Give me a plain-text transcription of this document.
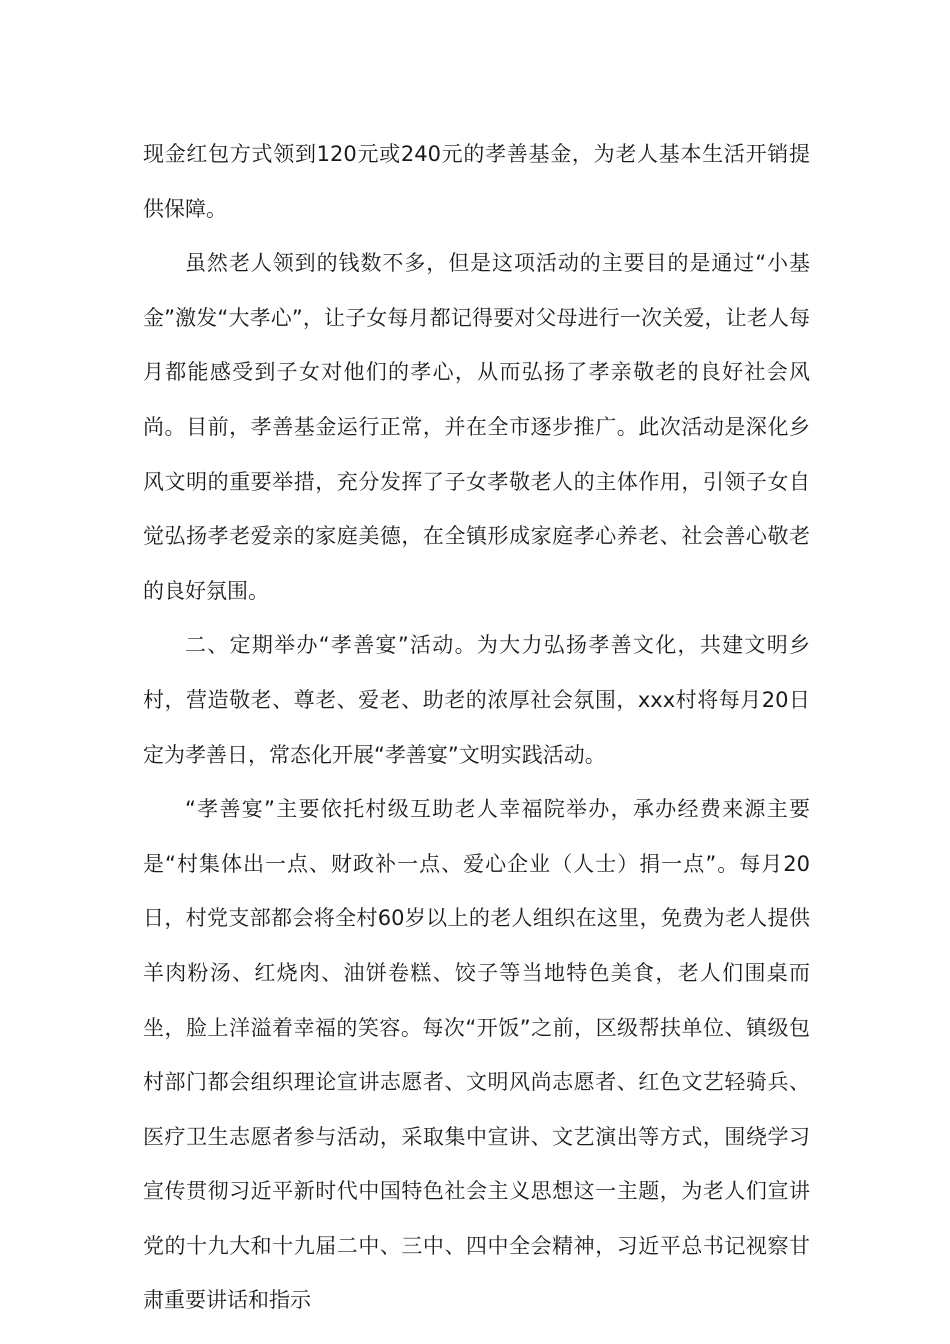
现金红包方式领到120元或240元的孝善基金，为老人基本生活开销提供保障。

虽然老人领到的钱数不多，但是这项活动的主要目的是通过“小基金”激发“大孝心”，让子女每月都记得要对父母进行一次关爱，让老人每月都能感受到子女对他们的孝心，从而弘扬了孝亲敬老的良好社会风尚。目前，孝善基金运行正常，并在全市逐步推广。此次活动是深化乡风文明的重要举措，充分发挥了子女孝敬老人的主体作用，引领子女自觉弘扬孝老爱亲的家庭美德，在全镇形成家庭孝心养老、社会善心敬老的良好氛围。

二、定期举办“孝善宴”活动。为大力弘扬孝善文化，共建文明乡村，营造敬老、尊老、爱老、助老的浓厚社会氛围，xxx村将每月20日定为孝善日，常态化开展“孝善宴”文明实践活动。

“孝善宴”主要依托村级互助老人幸福院举办，承办经费来源主要是“村集体出一点、财政补一点、爱心企业（人士）捐一点”。每月20日，村党支部都会将全村60岁以上的老人组织在这里，免费为老人提供羊肉粉汤、红烧肉、油饼卷糕、饺子等当地特色美食，老人们围桌而坐，脸上洋溢着幸福的笑容。每次“开饭”之前，区级帮扶单位、镇级包村部门都会组织理论宣讲志愿者、文明风尚志愿者、红色文艺轻骑兵、医疗卫生志愿者参与活动，采取集中宣讲、文艺演出等方式，围绕学习宣传贯彻习近平新时代中国特色社会主义思想这一主题，为老人们宣讲党的十九大和十九届二中、三中、四中全会精神，习近平总书记视察甘肃重要讲话和指示
